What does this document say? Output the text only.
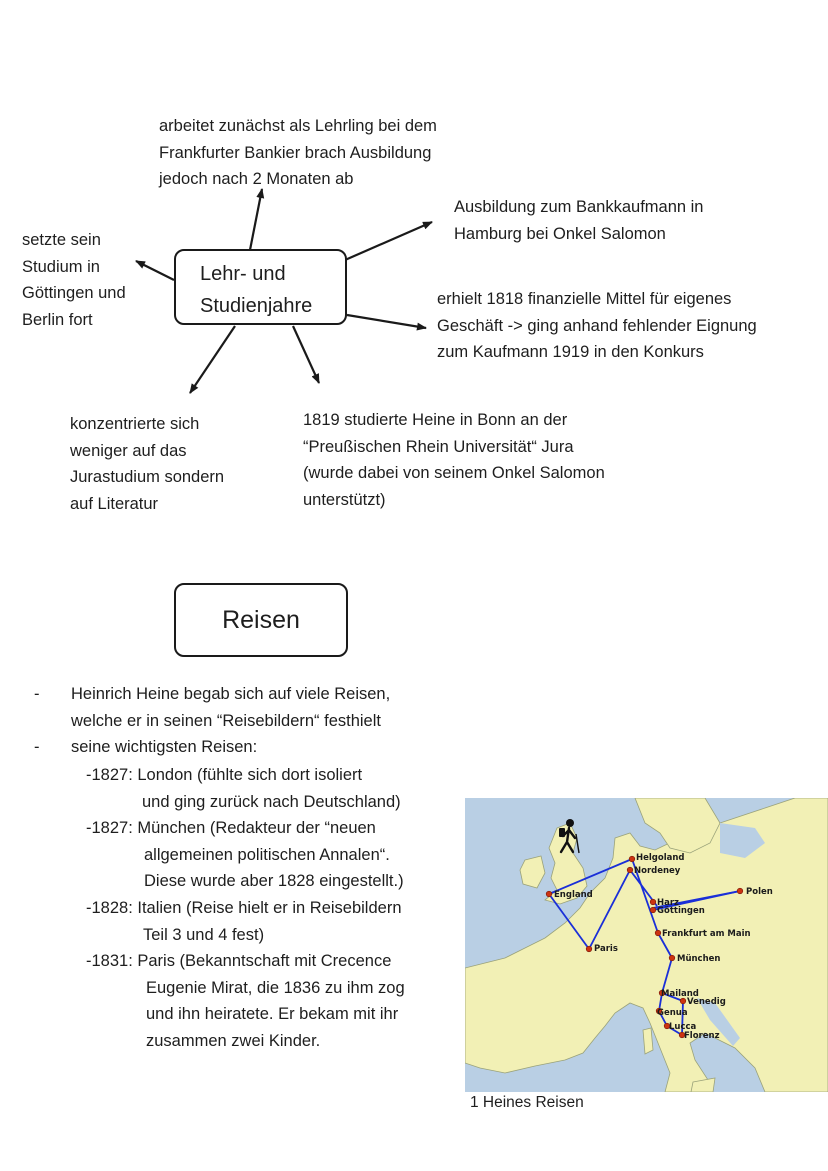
Lehr- und
Studienjahre
arbeitet zunächst als Lehrling bei dem
Frankfurter Bankier brach Ausbildung
jedoch nach 2 Monaten ab
Ausbildung zum Bankkaufmann in
Hamburg bei Onkel Salomon
setzte sein
Studium in
Göttingen und
Berlin fort
erhielt 1818 finanzielle Mittel für eigenes
Geschäft -> ging anhand fehlender Eignung
zum Kaufmann 1919 in den Konkurs
konzentrierte sich
weniger auf das
Jurastudium sondern
auf Literatur
1819 studierte Heine in Bonn an der
“Preußischen Rhein Universität“ Jura
(wurde dabei von seinem Onkel Salomon
unterstützt)
Reisen
- Heinrich Heine begab sich auf viele Reisen,
welche er in seinen “Reisebildern“ festhielt
- seine wichtigsten Reisen:
-1827: London (fühlte sich dort isoliert
und ging zurück nach Deutschland)
-1827: München (Redakteur der “neuen
allgemeinen politischen Annalen“.
Diese wurde aber 1828 eingestellt.)
-1828: Italien (Reise hielt er in Reisebildern
Teil 3 und 4 fest)
-1831: Paris (Bekanntschaft mit Crecence
Eugenie Mirat, die 1836 zu ihm zog
und ihn heiratete. Er bekam mit ihr
zusammen zwei Kinder.
Helgoland
Nordeney
England	Polen
Harz
Göttingen
Frankfurt am Main
Paris
München
Mailand
Venedig
Genua
Lucca
Florenz
1 Heines Reisen
